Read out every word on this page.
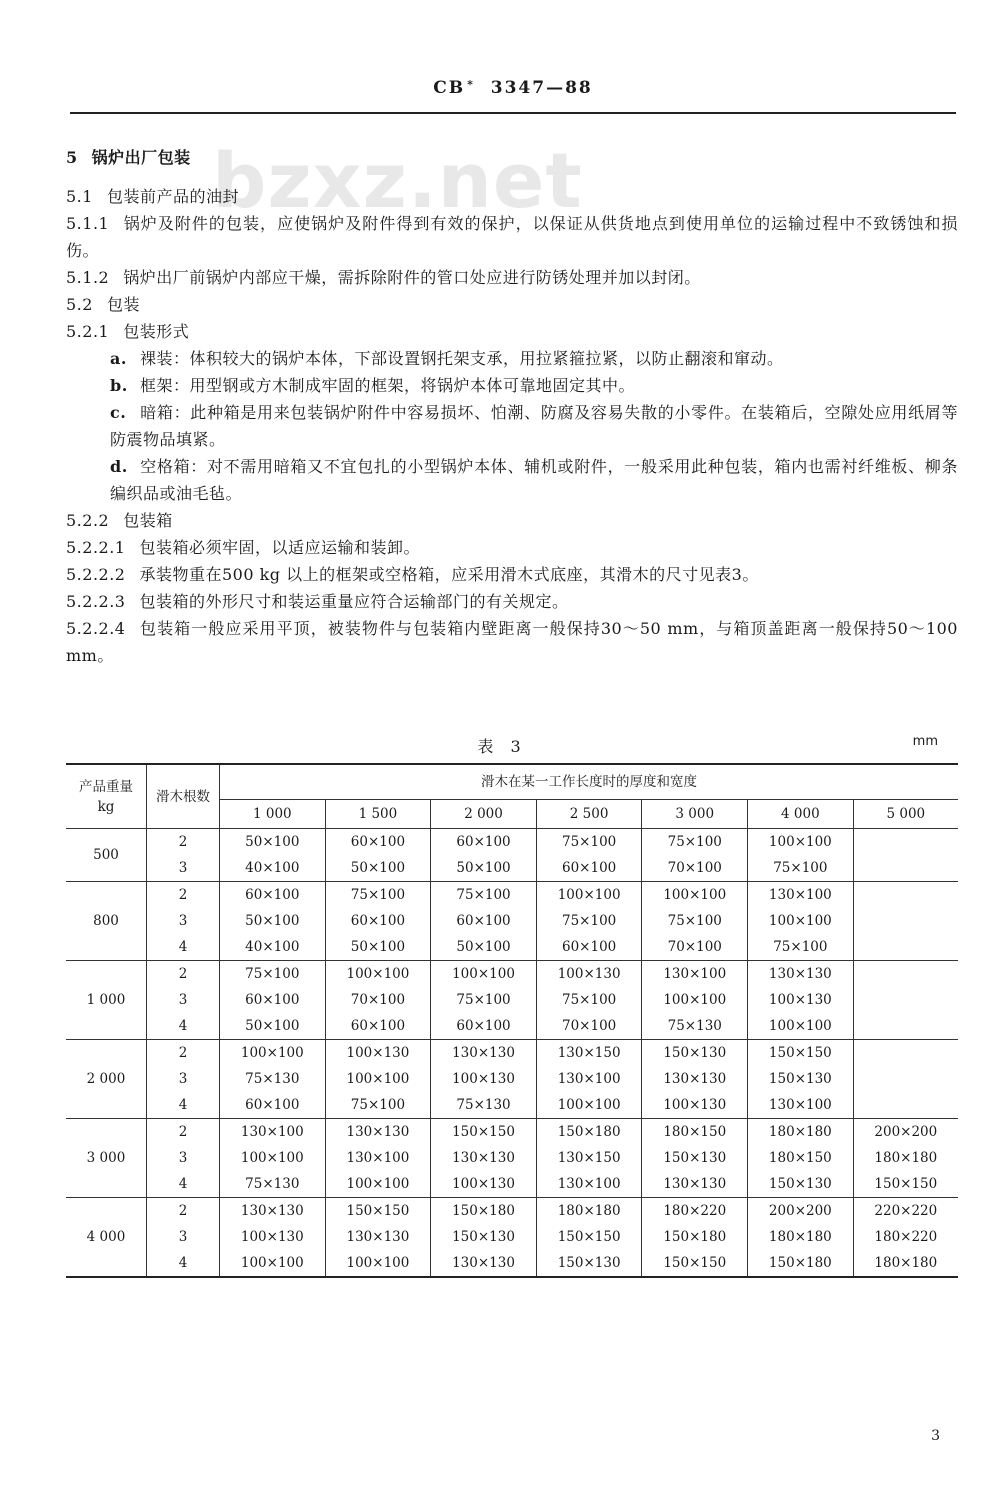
CB * 3347—88
bzxz.net
5 锅炉出厂包装
5.1 包装前产品的油封
5.1.1 锅炉及附件的包装，应使锅炉及附件得到有效的保护，以保证从供货地点到使用单位的运输过程中不致锈蚀和损伤。
5.1.2 锅炉出厂前锅炉内部应干燥，需拆除附件的管口处应进行防锈处理并加以封闭。
5.2 包装
5.2.1 包装形式
a. 裸装：体积较大的锅炉本体，下部设置钢托架支承，用拉紧箍拉紧，以防止翻滚和窜动。
b. 框架：用型钢或方木制成牢固的框架，将锅炉本体可靠地固定其中。
c. 暗箱：此种箱是用来包装锅炉附件中容易损坏、怕潮、防腐及容易失散的小零件。在装箱后，空隙处应用纸屑等防震物品填紧。
d. 空格箱：对不需用暗箱又不宜包扎的小型锅炉本体、辅机或附件，一般采用此种包装，箱内也需衬纤维板、柳条编织品或油毛毡。
5.2.2 包装箱
5.2.2.1 包装箱必须牢固，以适应运输和装卸。
5.2.2.2 承装物重在500 kg 以上的框架或空格箱，应采用滑木式底座，其滑木的尺寸见表3。
5.2.2.3 包装箱的外形尺寸和装运重量应符合运输部门的有关规定。
5.2.2.4 包装箱一般应采用平顶，被装物件与包装箱内壁距离一般保持30～50 mm，与箱顶盖距离一般保持50～100 mm。
表 3	mm
产品重量
kg	滑木根数	滑木在某一工作长度时的厚度和宽度						
		1 000	1 500	2 000	2 500	3 000	4 000	5 000
500	2	50×100	60×100	60×100	75×100	75×100	100×100	
	3	40×100	50×100	50×100	60×100	70×100	75×100	
800	2	60×100	75×100	75×100	100×100	100×100	130×100	
	3	50×100	60×100	60×100	75×100	75×100	100×100	
	4	40×100	50×100	50×100	60×100	70×100	75×100	
1 000	2	75×100	100×100	100×100	100×130	130×100	130×130	
	3	60×100	70×100	75×100	75×100	100×100	100×130	
	4	50×100	60×100	60×100	70×100	75×130	100×100	
2 000	2	100×100	100×130	130×130	130×150	150×130	150×150	
	3	75×130	100×100	100×130	130×100	130×130	150×130	
	4	60×100	75×100	75×130	100×100	100×130	130×100	
3 000	2	130×100	130×130	150×150	150×180	180×150	180×180	200×200
	3	100×100	130×100	130×130	130×150	150×130	180×150	180×180
	4	75×130	100×100	100×130	130×100	130×130	150×130	150×150
4 000	2	130×130	150×150	150×180	180×180	180×220	200×200	220×220
	3	100×130	130×130	150×130	150×150	150×180	180×180	180×220
	4	100×100	100×100	130×130	150×130	150×150	150×180	180×180
3
